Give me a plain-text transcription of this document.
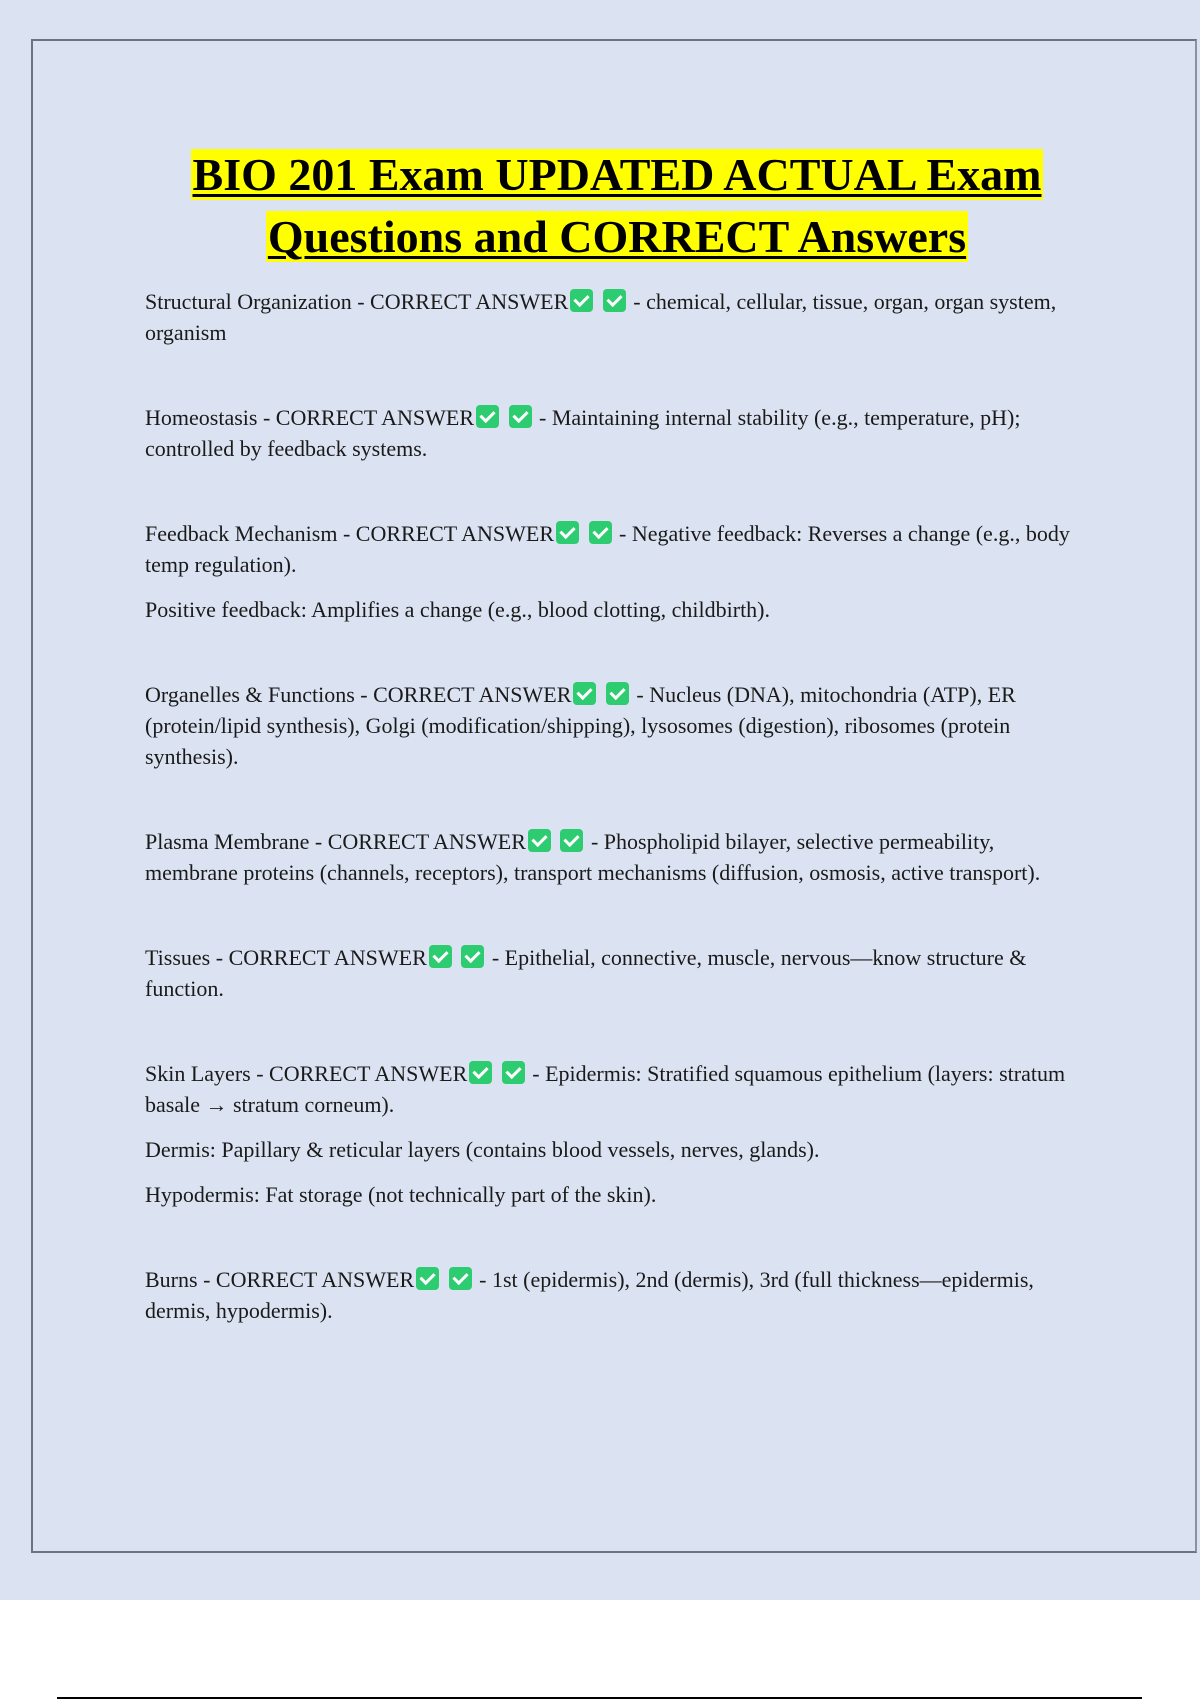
BIO 201 Exam UPDATED ACTUAL Exam
Questions and CORRECT Answers

Structural Organization - CORRECT ANSWER	- chemical, cellular, tissue, organ, organ system, organism

Homeostasis - CORRECT ANSWER	- Maintaining internal stability (e.g., temperature, pH); controlled by feedback systems.

Feedback Mechanism - CORRECT ANSWER	- Negative feedback: Reverses a change (e.g., body temp regulation).

Positive feedback: Amplifies a change (e.g., blood clotting, childbirth).

Organelles & Functions - CORRECT ANSWER	- Nucleus (DNA), mitochondria (ATP), ER (protein/lipid synthesis), Golgi (modification/shipping), lysosomes (digestion), ribosomes (protein synthesis).

Plasma Membrane - CORRECT ANSWER	- Phospholipid bilayer, selective permeability, membrane proteins (channels, receptors), transport mechanisms (diffusion, osmosis, active transport).

Tissues - CORRECT ANSWER	- Epithelial, connective, muscle, nervous—know structure & function.

Skin Layers - CORRECT ANSWER	- Epidermis: Stratified squamous epithelium (layers: stratum basale → stratum corneum).

Dermis: Papillary & reticular layers (contains blood vessels, nerves, glands).

Hypodermis: Fat storage (not technically part of the skin).

Burns - CORRECT ANSWER	- 1st (epidermis), 2nd (dermis), 3rd (full thickness—epidermis, dermis, hypodermis).
